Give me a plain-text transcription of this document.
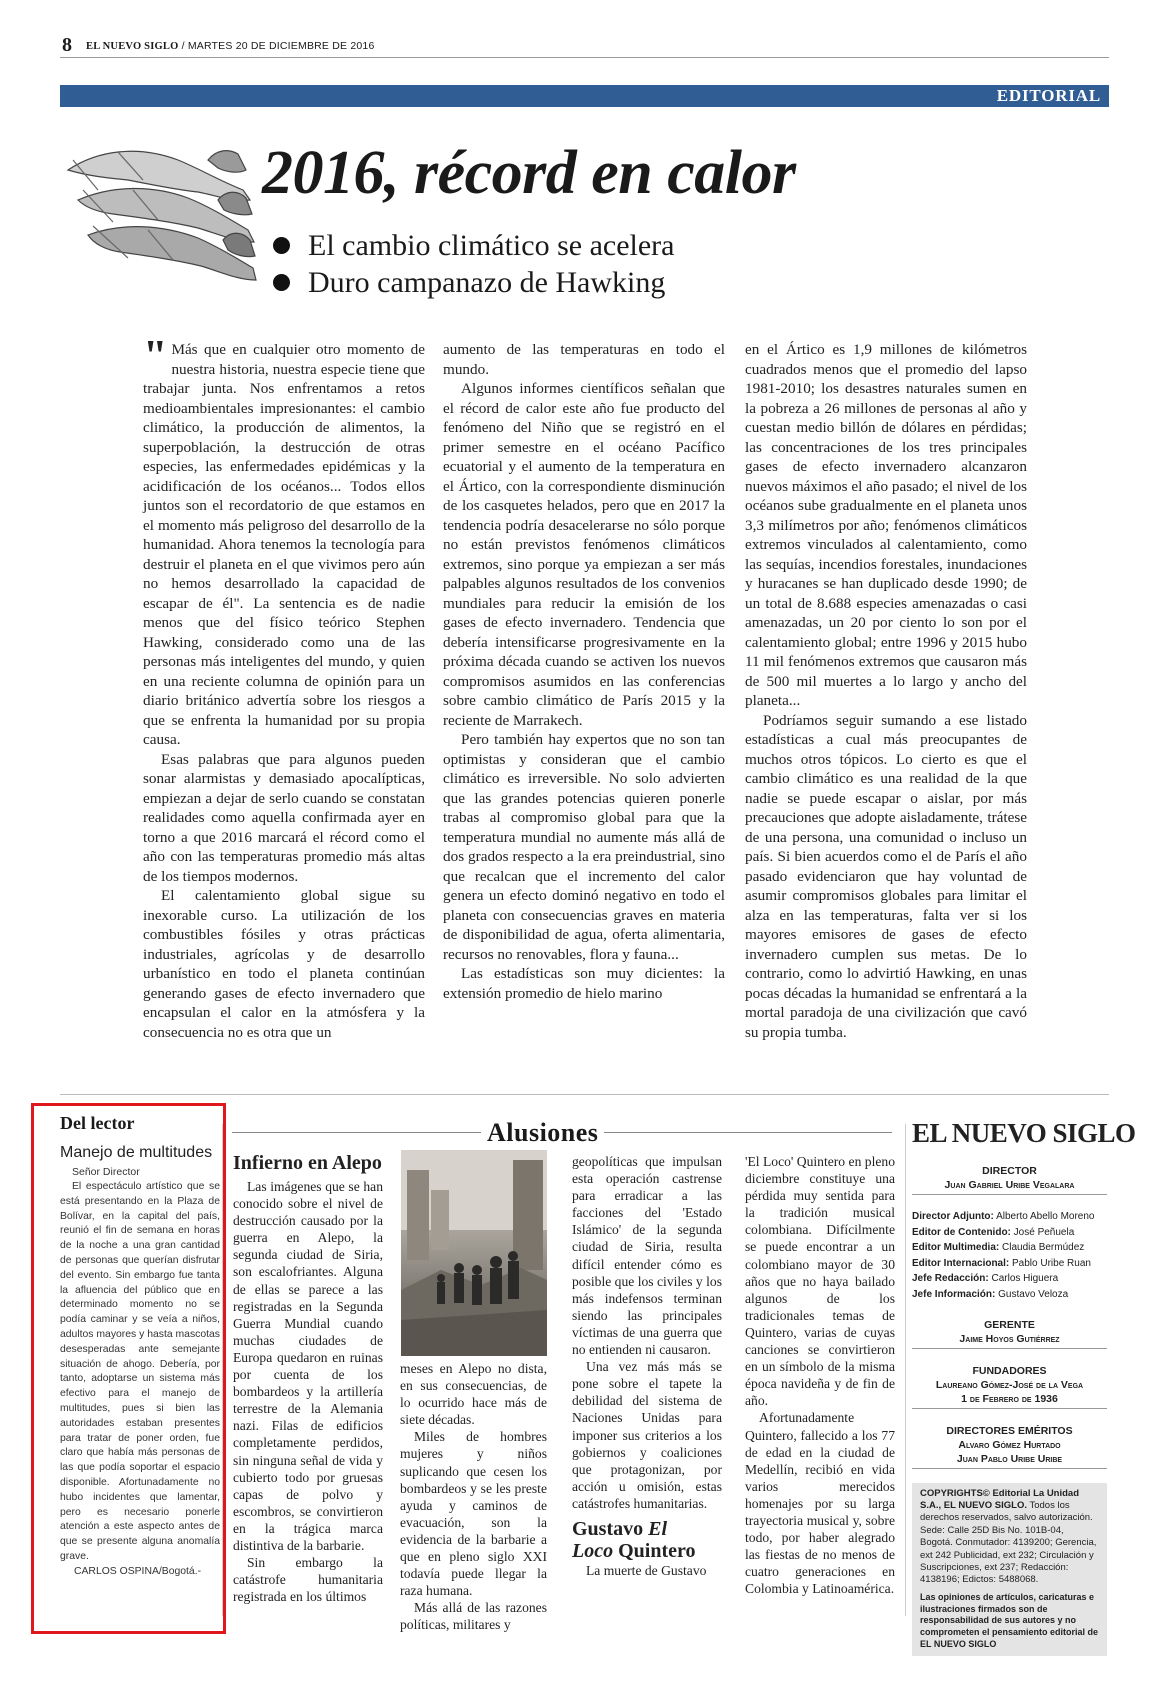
8 EL NUEVO SIGLO / MARTES 20 DE DICIEMBRE DE 2016
EDITORIAL
2016, récord en calor
El cambio climático se acelera
Duro campanazo de Hawking

" Más que en cualquier otro momento de nuestra historia, nuestra especie tiene que trabajar junta. Nos enfrentamos a retos medioambientales impresionantes: el cambio climático, la producción de alimentos, la superpoblación, la destrucción de otras especies, las enfermedades epidémicas y la acidificación de los océanos... Todos ellos juntos son el recordatorio de que estamos en el momento más peligroso del desarrollo de la humanidad. Ahora tenemos la tecnología para destruir el planeta en el que vivimos pero aún no hemos desarrollado la capacidad de escapar de él". La sentencia es de nadie menos que del físico teórico Stephen Hawking, considerado como una de las personas más inteligentes del mundo, y quien en una reciente columna de opinión para un diario británico advertía sobre los riesgos a que se enfrenta la humanidad por su propia causa.

Esas palabras que para algunos pueden sonar alarmistas y demasiado apocalípticas, empiezan a dejar de serlo cuando se constatan realidades como aquella confirmada ayer en torno a que 2016 marcará el récord como el año con las temperaturas promedio más altas de los tiempos modernos.

El calentamiento global sigue su inexorable curso. La utilización de los combustibles fósiles y otras prácticas industriales, agrícolas y de desarrollo urbanístico en todo el planeta continúan generando gases de efecto invernadero que encapsulan el calor en la atmósfera y la consecuencia no es otra que un

aumento de las temperaturas en todo el mundo.

Algunos informes científicos señalan que el récord de calor este año fue producto del fenómeno del Niño que se registró en el primer semestre en el océano Pacífico ecuatorial y el aumento de la temperatura en el Ártico, con la correspondiente disminución de los casquetes helados, pero que en 2017 la tendencia podría desacelerarse no sólo porque no están previstos fenómenos climáticos extremos, sino porque ya empiezan a ser más palpables algunos resultados de los convenios mundiales para reducir la emisión de los gases de efecto invernadero. Tendencia que debería intensificarse progresivamente en la próxima década cuando se activen los nuevos compromisos asumidos en las conferencias sobre cambio climático de París 2015 y la reciente de Marrakech.

Pero también hay expertos que no son tan optimistas y consideran que el cambio climático es irreversible. No solo advierten que las grandes potencias quieren ponerle trabas al compromiso global para que la temperatura mundial no aumente más allá de dos grados respecto a la era preindustrial, sino que recalcan que el incremento del calor genera un efecto dominó negativo en todo el planeta con consecuencias graves en materia de disponibilidad de agua, oferta alimentaria, recursos no renovables, flora y fauna...

Las estadísticas son muy dicientes: la extensión promedio de hielo marino

en el Ártico es 1,9 millones de kilómetros cuadrados menos que el promedio del lapso 1981-2010; los desastres naturales sumen en la pobreza a 26 millones de personas al año y cuestan medio billón de dólares en pérdidas; las concentraciones de los tres principales gases de efecto invernadero alcanzaron nuevos máximos el año pasado; el nivel de los océanos sube gradualmente en el planeta unos 3,3 milímetros por año; fenómenos climáticos extremos vinculados al calentamiento, como las sequías, incendios forestales, inundaciones y huracanes se han duplicado desde 1990; de un total de 8.688 especies amenazadas o casi amenazadas, un 20 por ciento lo son por el calentamiento global; entre 1996 y 2015 hubo 11 mil fenómenos extremos que causaron más de 500 mil muertes a lo largo y ancho del planeta...

Podríamos seguir sumando a ese listado estadísticas a cual más preocupantes de muchos otros tópicos. Lo cierto es que el cambio climático es una realidad de la que nadie se puede escapar o aislar, por más precauciones que adopte aisladamente, trátese de una persona, una comunidad o incluso un país. Si bien acuerdos como el de París el año pasado evidenciaron que hay voluntad de asumir compromisos globales para limitar el alza en las temperaturas, falta ver si los mayores emisores de gases de efecto invernadero cumplen sus metas. De lo contrario, como lo advirtió Hawking, en unas pocas décadas la humanidad se enfrentará a la mortal paradoja de una civilización que cavó su propia tumba.

Del lector
Manejo de multitudes
Señor Director
El espectáculo artístico que se está presentando en la Plaza de Bolívar, en la capital del país, reunió el fin de semana en horas de la noche a una gran cantidad de personas que querían disfrutar del evento. Sin embargo fue tanta la afluencia del público que en determinado momento no se podía caminar y se veía a niños, adultos mayores y hasta mascotas desesperadas ante semejante situación de ahogo. Debería, por tanto, adoptarse un sistema más efectivo para el manejo de multitudes, pues si bien las autoridades estaban presentes para tratar de poner orden, fue claro que había más personas de las que podía soportar el espacio disponible. Afortunadamente no hubo incidentes que lamentar, pero es necesario ponerle atención a este aspecto antes de que se presente alguna anomalía grave.
CARLOS OSPINA/Bogotá.-
Alusiones
Infierno en Alepo

Las imágenes que se han conocido sobre el nivel de destrucción causado por la guerra en Alepo, la segunda ciudad de Siria, son escalofriantes. Alguna de ellas se parece a las registradas en la Segunda Guerra Mundial cuando muchas ciudades de Europa quedaron en ruinas por cuenta de los bombardeos y la artillería terrestre de la Alemania nazi. Filas de edificios completamente perdidos, sin ninguna señal de vida y cubierto todo por gruesas capas de polvo y escombros, se convirtieron en la trágica marca distintiva de la barbarie.

Sin embargo la catástrofe humanitaria registrada en los últimos

meses en Alepo no dista, en sus consecuencias, de lo ocurrido hace más de siete décadas.

Miles de hombres mujeres y niños suplicando que cesen los bombardeos y se les preste ayuda y caminos de evacuación, son la evidencia de la barbarie a que en pleno siglo XXI todavía puede llegar la raza humana.

Más allá de las razones políticas, militares y

geopolíticas que impulsan esta operación castrense para erradicar a las facciones del 'Estado Islámico' de la segunda ciudad de Siria, resulta difícil entender cómo es posible que los civiles y los más indefensos terminan siendo las principales víctimas de una guerra que no entienden ni causaron.

Una vez más más se pone sobre el tapete la debilidad del sistema de Naciones Unidas para imponer sus criterios a los gobiernos y coaliciones que protagonizan, por acción u omisión, estas catástrofes humanitarias.

Gustavo El
Loco Quintero

La muerte de Gustavo

'El Loco' Quintero en pleno diciembre constituye una pérdida muy sentida para la tradición musical colombiana. Difícilmente se puede encontrar a un colombiano mayor de 30 años que no haya bailado algunos de los tradicionales temas de Quintero, varias de cuyas canciones se convirtieron en un símbolo de la misma época navideña y de fin de año.

Afortunadamente Quintero, fallecido a los 77 de edad en la ciudad de Medellín, recibió en vida varios merecidos homenajes por su larga trayectoria musical y, sobre todo, por haber alegrado las fiestas de no menos de cuatro generaciones en Colombia y Latinoamérica.

EL NUEVO SIGLO
DIRECTOR
Juan Gabriel Uribe Vegalara
Director Adjunto: Alberto Abello Moreno
Editor de Contenido: José Peñuela
Editor Multimedia: Claudia Bermúdez
Editor Internacional: Pablo Uribe Ruan
Jefe Redacción: Carlos Higuera
Jefe Información: Gustavo Veloza
GERENTE
Jaime Hoyos Gutiérrez
FUNDADORES
Laureano Gómez-José de la Vega
1 de Febrero de 1936
DIRECTORES EMÉRITOS
Alvaro Gómez Hurtado
Juan Pablo Uribe Uribe
COPYRIGHTS© Editorial La Unidad S.A., EL NUEVO SIGLO. Todos los derechos reservados, salvo autorización. Sede: Calle 25D Bis No. 101B-04, Bogotá. Conmutador: 4139200; Gerencia, ext 242 Publicidad, ext 232; Circulación y Suscripciones, ext 237; Redacción: 4138196; Edictos: 5488068.
Las opiniones de artículos, caricaturas e ilustraciones firmados son de responsabilidad de sus autores y no comprometen el pensamiento editorial de EL NUEVO SIGLO
